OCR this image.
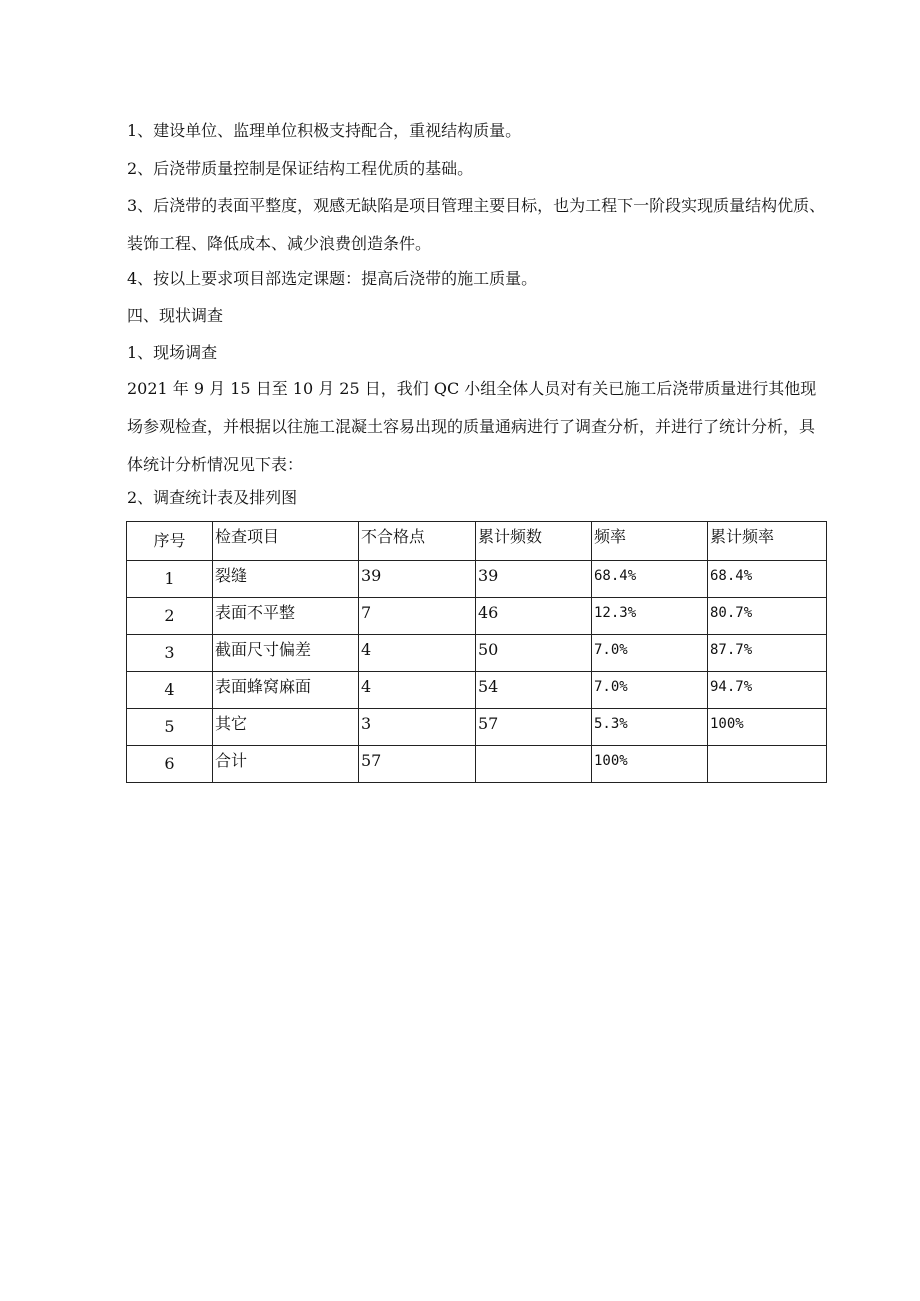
1、建设单位、监理单位积极支持配合，重视结构质量。

2、后浇带质量控制是保证结构工程优质的基础。

3、后浇带的表面平整度，观感无缺陷是项目管理主要目标，也为工程下一阶段实现质量结构优质、装饰工程、降低成本、减少浪费创造条件。

4、按以上要求项目部选定课题：提高后浇带的施工质量。

四、现状调查

1、现场调查

2021 年 9 月 15 日至 10 月 25 日，我们 QC 小组全体人员对有关已施工后浇带质量进行其他现场参观检查，并根据以往施工混凝土容易出现的质量通病进行了调查分析，并进行了统计分析，具体统计分析情况见下表：

2、调查统计表及排列图

序号	检查项目	不合格点	累计频数	频率	累计频率
1	裂缝	39	39	68.4%	68.4%
2	表面不平整	7	46	12.3%	80.7%
3	截面尺寸偏差	4	50	7.0%	87.7%
4	表面蜂窝麻面	4	54	7.0%	94.7%
5	其它	3	57	5.3%	100%
6	合计	57		100%	
